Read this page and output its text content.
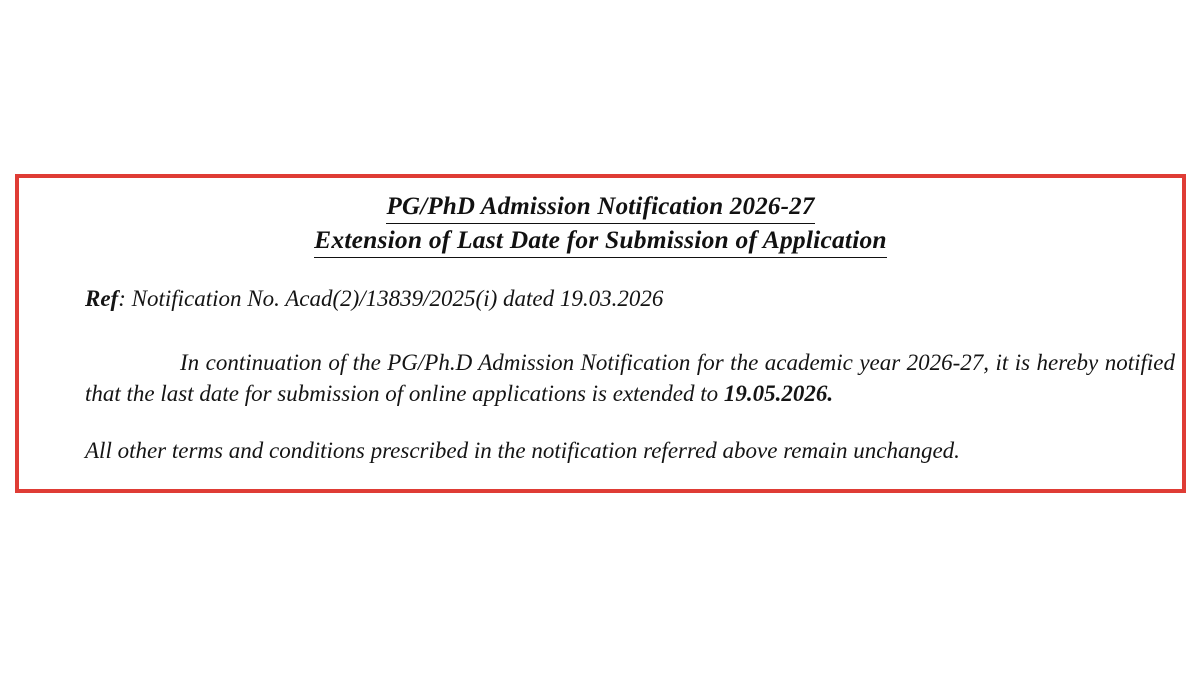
PG/PhD Admission Notification 2026-27
Extension of Last Date for Submission of Application

Ref: Notification No. Acad(2)/13839/2025(i) dated 19.03.2026

In continuation of the PG/Ph.D Admission Notification for the academic year 2026-27, it is hereby notified that the last date for submission of online applications is extended to 19.05.2026.

All other terms and conditions prescribed in the notification referred above remain unchanged.
